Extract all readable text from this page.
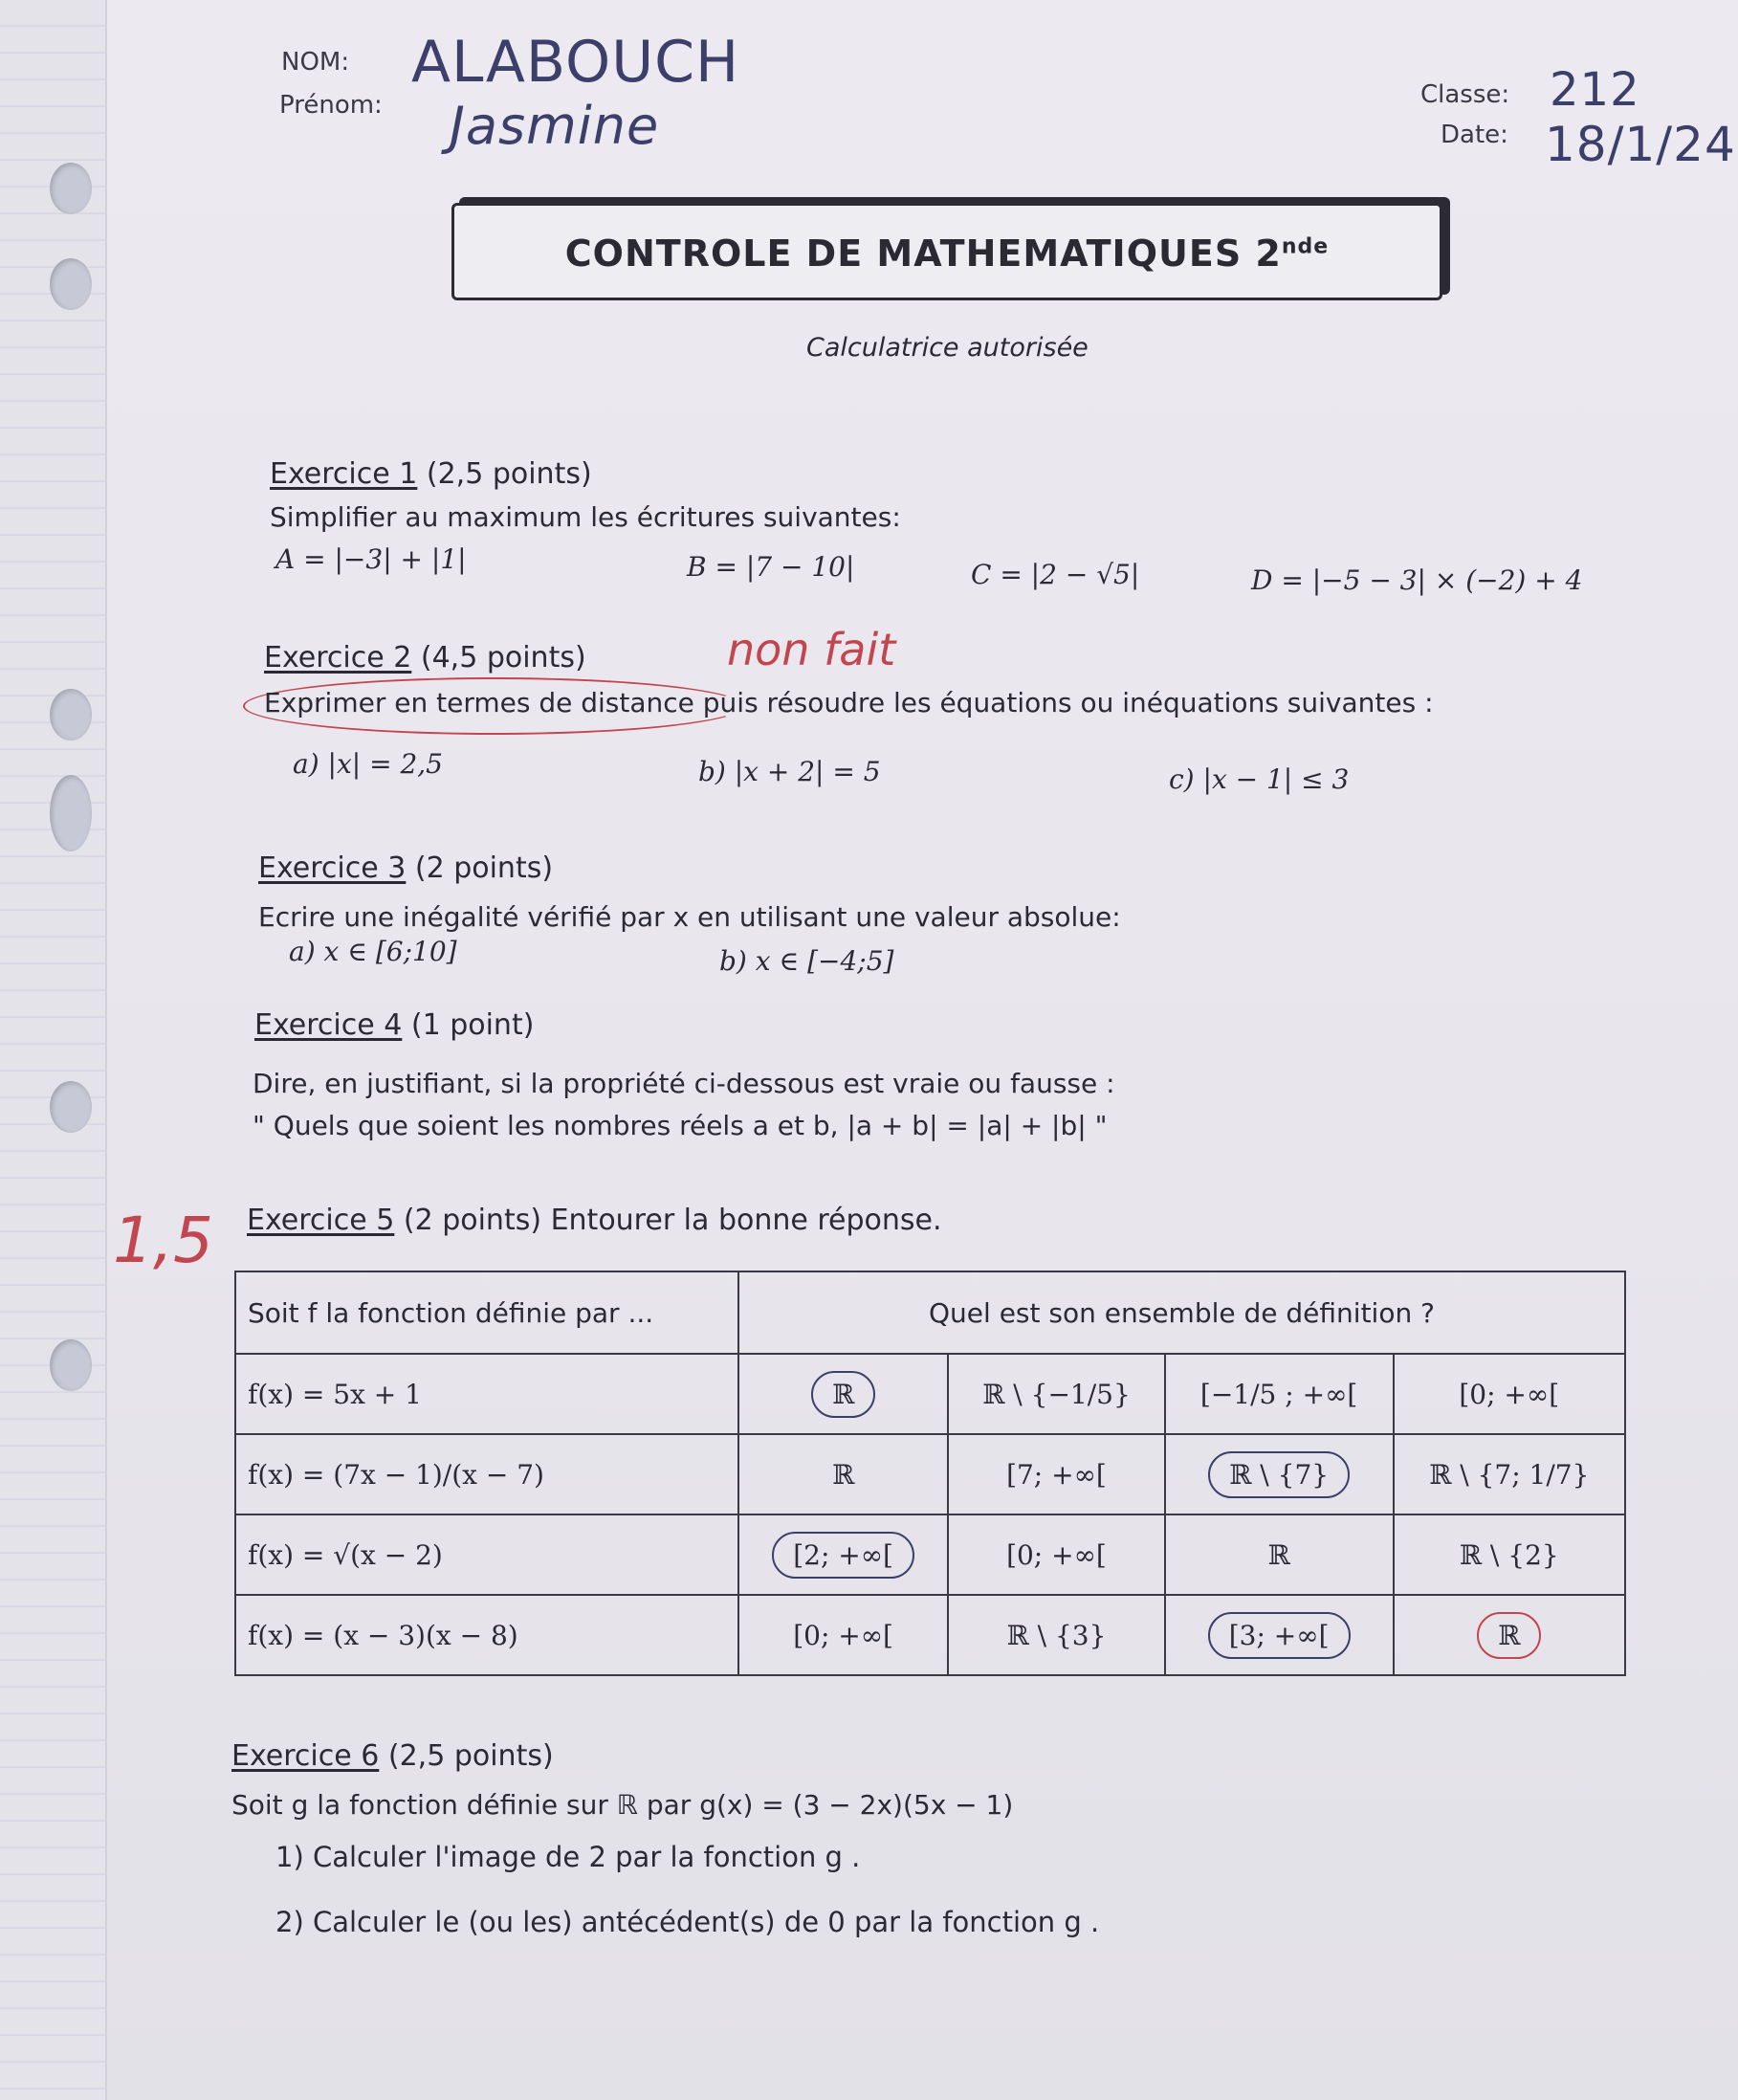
NOM: ALABOUCH
Prénom: Jasmine
Classe: 212
Date: 18/1/24
CONTROLE DE MATHEMATIQUES 2nde
Calculatrice autorisée
Exercice 1 (2,5 points)
Simplifier au maximum les écritures suivantes:
A = |−3| + |1|	B = |7 − 10|	C = |2 − √5|	D = |−5 − 3| × (−2) + 4
Exercice 2 (4,5 points)	non fait
Exprimer en termes de distance puis résoudre les équations ou inéquations suivantes :
a) |x| = 2,5	b) |x + 2| = 5	c) |x − 1| ≤ 3
Exercice 3 (2 points)
Ecrire une inégalité vérifié par x en utilisant une valeur absolue:
a) x ∈ [6;10]	b) x ∈ [−4;5]
Exercice 4 (1 point)
Dire, en justifiant, si la propriété ci-dessous est vraie ou fausse :
" Quels que soient les nombres réels a et b, |a + b| = |a| + |b| "
1,5 Exercice 5 (2 points) Entourer la bonne réponse.
Soit f la fonction définie par ...	Quel est son ensemble de définition ?			
f(x) = 5x + 1	ℝ	ℝ \ {−1/5}	[−1/5 ; +∞[	[0; +∞[
f(x) = (7x − 1)/(x − 7)	ℝ	[7; +∞[	ℝ \ {7}	ℝ \ {7; 1/7}
f(x) = √(x − 2)	[2; +∞[	[0; +∞[	ℝ	ℝ \ {2}
f(x) = (x − 3)(x − 8)	[0; +∞[	ℝ \ {3}	[3; +∞[	ℝ
Exercice 6 (2,5 points)
Soit g la fonction définie sur ℝ par g(x) = (3 − 2x)(5x − 1)
1) Calculer l'image de 2 par la fonction g .
2) Calculer le (ou les) antécédent(s) de 0 par la fonction g .
